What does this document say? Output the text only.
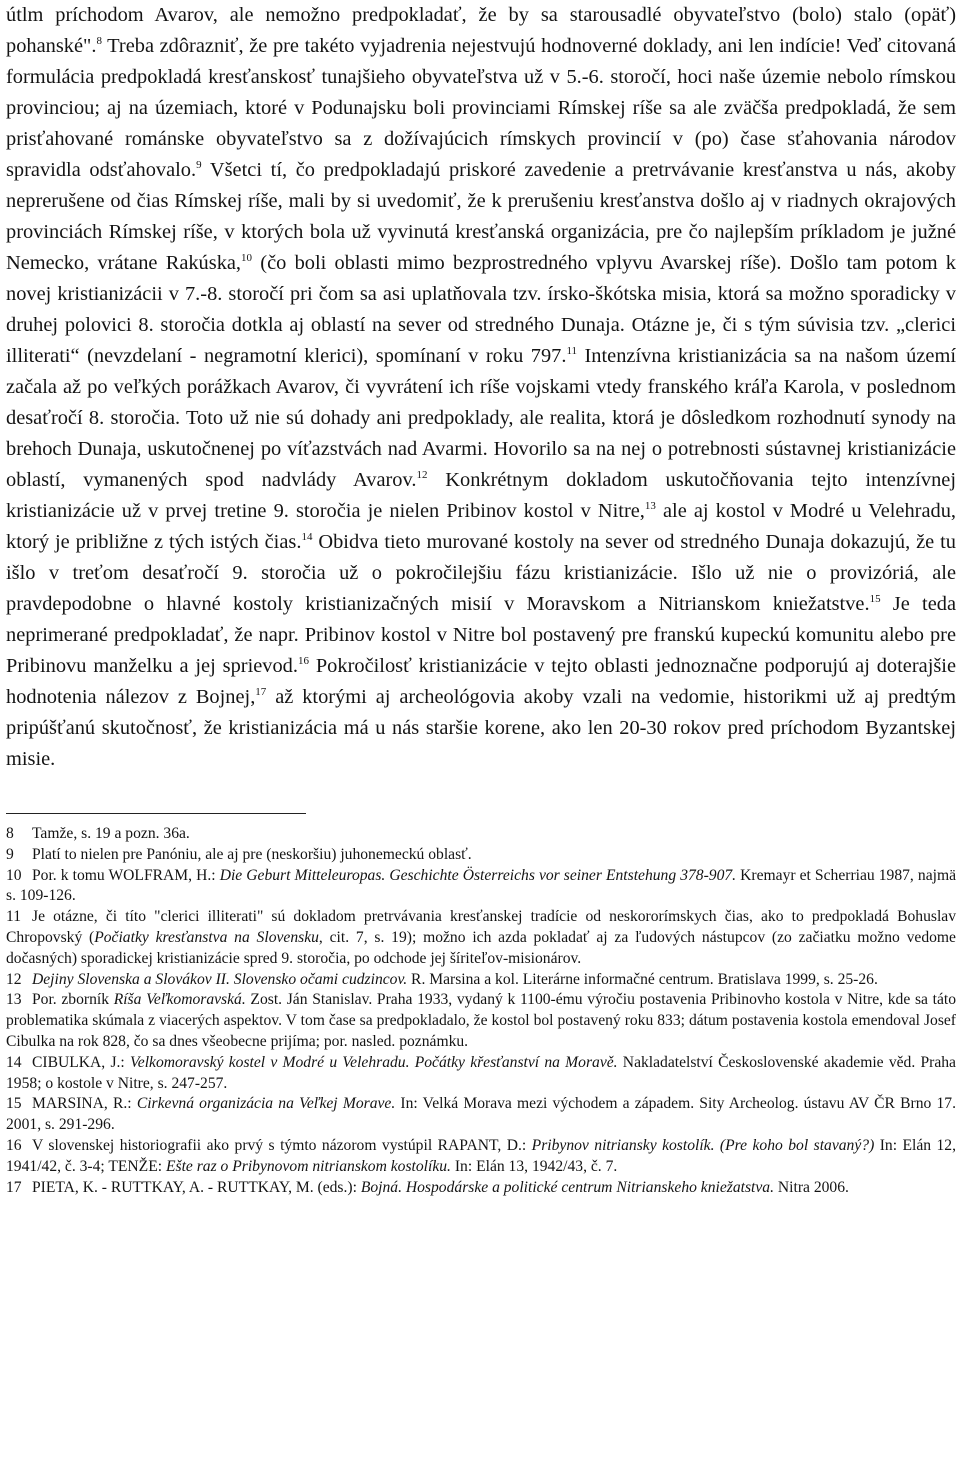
útlm príchodom Avarov, ale nemožno predpokladať, že by sa starousadlé obyvateľstvo (bolo) stalo (opäť) pohanské".$^8$ Treba zdôrazniť, že pre takéto vyjadrenia nejestvujú hodnoverné doklady, ani len indície! Veď citovaná formulácia predpokladá kresťanskosť tunajšieho obyvateľstva už v 5.-6. storočí, hoci naše územie nebolo rímskou provinciou; aj na územiach, ktoré v Podunajsku boli provinciami Rímskej ríše sa ale zväčša predpokladá, že sem prisťahované románske obyvateľstvo sa z dožívajúcich rímskych provincií v (po) čase sťahovania národov spravidla odsťahovalo.$^9$ Všetci tí, čo predpokladajú priskoré zavedenie a pretrvávanie kresťanstva u nás, akoby neprerušene od čias Rímskej ríše, mali by si uvedomiť, že k prerušeniu kresťanstva došlo aj v riadnych okrajových provinciách Rímskej ríše, v ktorých bola už vyvinutá kresťanská organizácia, pre čo najlepším príkladom je južné Nemecko, vrátane Rakúska,$^{10}$ (čo boli oblasti mimo bezprostredného vplyvu Avarskej ríše). Došlo tam potom k novej kristianizácii v 7.-8. storočí pri čom sa asi uplatňovala tzv. írsko-škótska misia, ktorá sa možno sporadicky v druhej polovici 8. storočia dotkla aj oblastí na sever od stredného Dunaja. Otázne je, či s tým súvisia tzv. „clerici illiterati“ (nevzdelaní - negramotní klerici), spomínaní v roku 797.11 Intenzívna kristianizácia sa na našom území začala až po veľkých porážkach Avarov, či vyvrátení ich ríše vojskami vtedy franského kráľa Karola, v poslednom desaťročí 8. storočia. Toto už nie sú dohady ani predpoklady, ale realita, ktorá je dôsledkom rozhodnutí synody na brehoch Dunaja, uskutočnenej po víťazstvách nad Avarmi. Hovorilo sa na nej o potrebnosti sústavnej kristianizácie oblastí, vymanených spod nadvlády Avarov.$^{12}$ Konkrétnym dokladom uskutočňovania tejto intenzívnej kristianizácie už v prvej tretine 9. storočia je nielen Pribinov kostol v Nitre,$^{13}$ ale aj kostol v Modré u Velehradu, ktorý je približne z tých istých čias.$^{14}$ Obidva tieto murované kostoly na sever od stredného Dunaja dokazujú, že tu išlo v treťom desaťročí 9. storočia už o pokročilejšiu fázu kristianizácie. Išlo už nie o provizóriá, ale pravdepodobne o hlavné kostoly kristianizačných misií v Moravskom a Nitrianskom kniežatstve.$^{15}$ Je teda neprimerané predpokladať, že napr. Pribinov kostol v Nitre bol postavený pre franskú kupeckú komunitu alebo pre Pribinovu manželku a jej sprievod.$^{16}$ Pokročilosť kristianizácie v tejto oblasti jednoznačne podporujú aj doterajšie hodnotenia nálezov z Bojnej,$^{17}$ až ktorými aj archeológovia akoby vzali na vedomie, historikmi už aj predtým pripúšťanú skutočnosť, že kristianizácia má u nás staršie korene, ako len 20-30 rokov pred príchodom Byzantskej misie.

8 Tamže, s. 19 a pozn. 36a.

9 Platí to nielen pre Panóniu, ale aj pre (neskoršiu) juhonemeckú oblasť.

10 Por. k tomu WOLFRAM, H.: Die Geburt Mitteleuropas. Geschichte Österreichs vor seiner Entstehung 378-907. Kremayr et Scherriau 1987, najmä s. 109-126.

11 Je otázne, či títo "clerici illiterati" sú dokladom pretrvávania kresťanskej tradície od neskororímskych čias, ako to predpokladá Bohuslav Chropovský (Počiatky kresťanstva na Slovensku, cit. 7, s. 19); možno ich azda pokladať aj za ľudových nástupcov (zo začiatku možno vedome dočasných) sporadickej kristianizácie spred 9. storočia, po odchode jej šíriteľov-misionárov.

12 Dejiny Slovenska a Slovákov II. Slovensko očami cudzincov. R. Marsina a kol. Literárne informačné centrum. Bratislava 1999, s. 25-26.

13 Por. zborník Ríša Veľkomoravská. Zost. Ján Stanislav. Praha 1933, vydaný k 1100-ému výročiu postavenia Pribinovho kostola v Nitre, kde sa táto problematika skúmala z viacerých aspektov. V tom čase sa predpokladalo, že kostol bol postavený roku 833; dátum postavenia kostola emendoval Josef Cibulka na rok 828, čo sa dnes všeobecne prijíma; por. nasled. poznámku.

14 CIBULKA, J.: Velkomoravský kostel v Modré u Velehradu. Počátky křesťanství na Moravě. Nakladatelství Československé akademie věd. Praha 1958; o kostole v Nitre, s. 247-257.

15 MARSINA, R.: Cirkevná organizácia na Veľkej Morave. In: Velká Morava mezi východem a západem. Sity Archeolog. ústavu AV ČR Brno 17. 2001, s. 291-296.

16 V slovenskej historiografii ako prvý s týmto názorom vystúpil RAPANT, D.: Pribynov nitriansky kostolík. (Pre koho bol stavaný?) In: Elán 12, 1941/42, č. 3-4; TENŽE: Ešte raz o Pribynovom nitrianskom kostolíku. In: Elán 13, 1942/43, č. 7.

17 PIETA, K. - RUTTKAY, A. - RUTTKAY, M. (eds.): Bojná. Hospodárske a politické centrum Nitrianskeho kniežatstva. Nitra 2006.
